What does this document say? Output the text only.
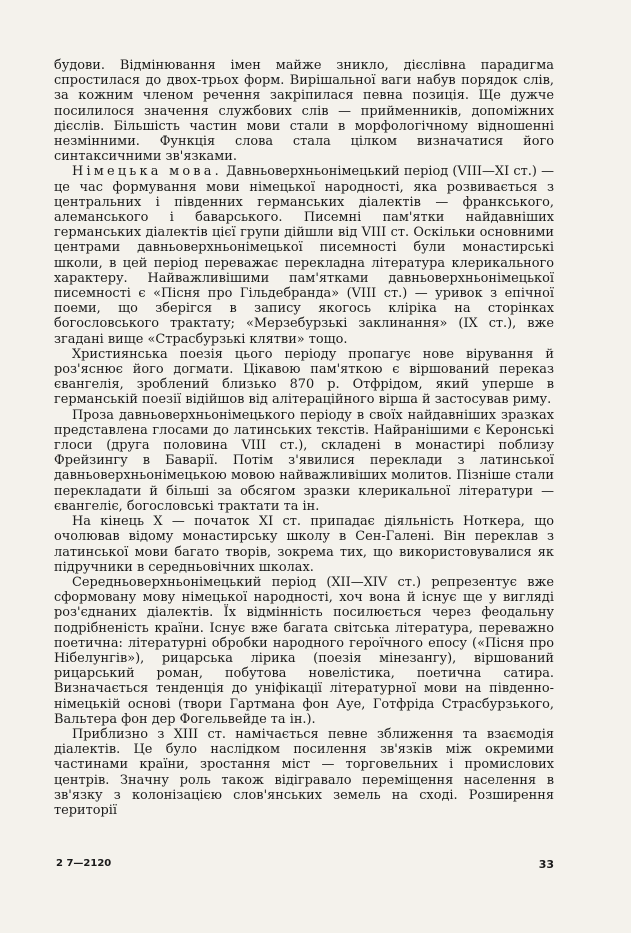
будови. Відмінювання імен майже зникло, дієслівна парадигма спростилася до двох-трьох форм. Вирішальної ваги набув порядок слів, за кожним членом речення закріпилася певна позиція. Ще дужче посилилося значення службових слів — прийменників, допоміжних дієслів. Більшість частин мови стали в морфологічному відношенні незмінними. Функція слова стала цілком визначатися його синтаксичними зв'язками.

Німецька мова. Давньоверхньонімецький період (VIII—XI ст.) — це час формування мови німецької народності, яка розвивається з центральних і південних германських діалектів — франкського, алеманського і баварського. Писемні пам'ятки найдавніших германських діалектів цієї групи дійшли від VIII ст. Оскільки основними центрами давньоверхньонімецької писемності були монастирські школи, в цей період переважає перекладна література клерикального характеру. Найважливішими пам'ятками давньоверхньонімецької писемності є «Пісня про Гільдебранда» (VIII ст.) — уривок з епічної поеми, що зберігся в запису якогось кліріка на сторінках богословського трактату; «Мерзебурзькі заклинання» (IX ст.), вже згадані вище «Страсбурзькі клятви» тощо.

Християнська поезія цього періоду пропагує нове вірування й роз'яснює його догмати. Цікавою пам'яткою є віршований переказ євангелія, зроблений близько 870 р. Отфрідом, який уперше в германській поезії відійшов від алітераційного вірша й застосував риму.

Проза давньоверхньонімецького періоду в своїх найдавніших зразках представлена глосами до латинських текстів. Найранішими є Керонські глоси (друга половина VIII ст.), складені в монастирі поблизу Фрейзингу в Баварії. Потім з'явилися переклади з латинської давньоверхньонімецькою мовою найважливіших молитов. Пізніше стали перекладати й більші за обсягом зразки клерикальної літератури — євангеліє, богословські трактати та ін.

На кінець X — початок XI ст. припадає діяльність Ноткера, що очолював відому монастирську школу в Сен-Галені. Він переклав з латинської мови багато творів, зокрема тих, що використовувалися як підручники в середньовічних школах.

Середньоверхньонімецький період (XII—XIV ст.) репрезентує вже сформовану мову німецької народності, хоч вона й iснує ще у вигляді роз'єднаних діалектів. Їх відмінність посилюється через феодальну подрібненість країни. Існує вже багата світська література, переважно поетична: літературні обробки народного героїчного епосу («Пісня про Нібелунгів»), рицарська лірика (поезія мінезангу), віршований рицарський роман, побутова новелістика, поетична сатира. Визначається тенденція до уніфікації літературної мови на південно-німецькій основі (твори Гартмана фон Ауе, Готфріда Страсбурзького, Вальтера фон дер Фогельвейде та ін.).

Приблизно з XIII ст. намічається певне зближення та взаємодія діалектів. Це було наслідком посилення зв'язків між окремими частинами країни, зростання міст — торговельних і промислових центрів. Значну роль також відігравало переміщення населення в зв'язку з колонізацією слов'янських земель на сході. Розширення території

2 7—2120	33
